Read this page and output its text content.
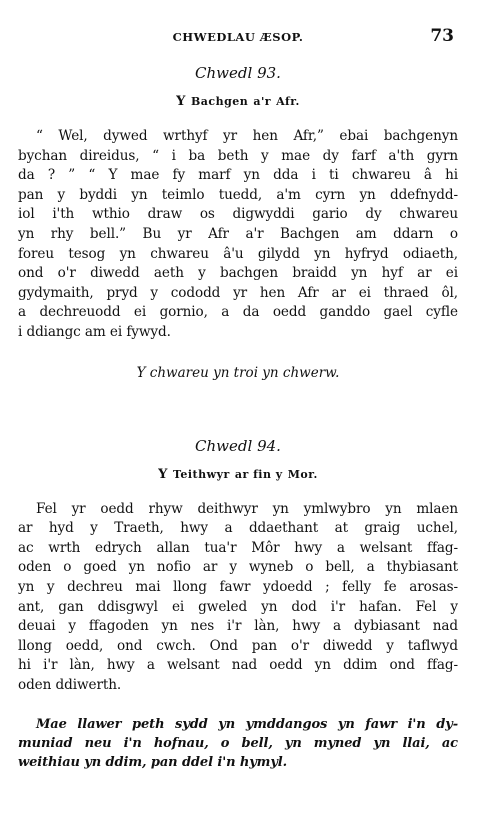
CHWEDLAU ÆSOP.	73

Chwedl 93.

Y Bachgen a'r Afr.

“ Wel, dywed wrthyf yr hen Afr,” ebai bachgenyn
bychan direidus, “ i ba beth y mae dy farf a'th gyrn
da ? ” “ Y mae fy marf yn dda i ti chwareu â hi
pan y byddi yn teimlo tuedd, a'm cyrn yn ddefnydd-
iol i'th wthio draw os digwyddi gario dy chwareu
yn rhy bell.” Bu yr Afr a'r Bachgen am ddarn o
foreu tesog yn chwareu â'u gilydd yn hyfryd odiaeth,
ond o'r diwedd aeth y bachgen braidd yn hyf ar ei
gydymaith, pryd y cododd yr hen Afr ar ei thraed ôl,
a dechreuodd ei gornio, a da oedd ganddo gael cyfle
i ddiangc am ei fywyd.

Y chwareu yn troi yn chwerw.

Chwedl 94.

Y Teithwyr ar fin y Mor.

Fel yr oedd rhyw deithwyr yn ymlwybro yn mlaen
ar hyd y Traeth, hwy a ddaethant at graig uchel,
ac wrth edrych allan tua'r Môr hwy a welsant ffag-
oden o goed yn nofio ar y wyneb o bell, a thybiasant
yn y dechreu mai llong fawr ydoedd ; felly fe arosas-
ant, gan ddisgwyl ei gweled yn dod i'r hafan. Fel y
deuai y ffagoden yn nes i'r làn, hwy a dybiasant nad
llong oedd, ond cwch. Ond pan o'r diwedd y taflwyd
hi i'r làn, hwy a welsant nad oedd yn ddim ond ffag-
oden ddiwerth.
Mae llawer peth sydd yn ymddangos yn fawr i'n dy-
muniad neu i'n hofnau, o bell, yn myned yn llai, ac
weithiau yn ddim, pan ddel i'n hymyl.
